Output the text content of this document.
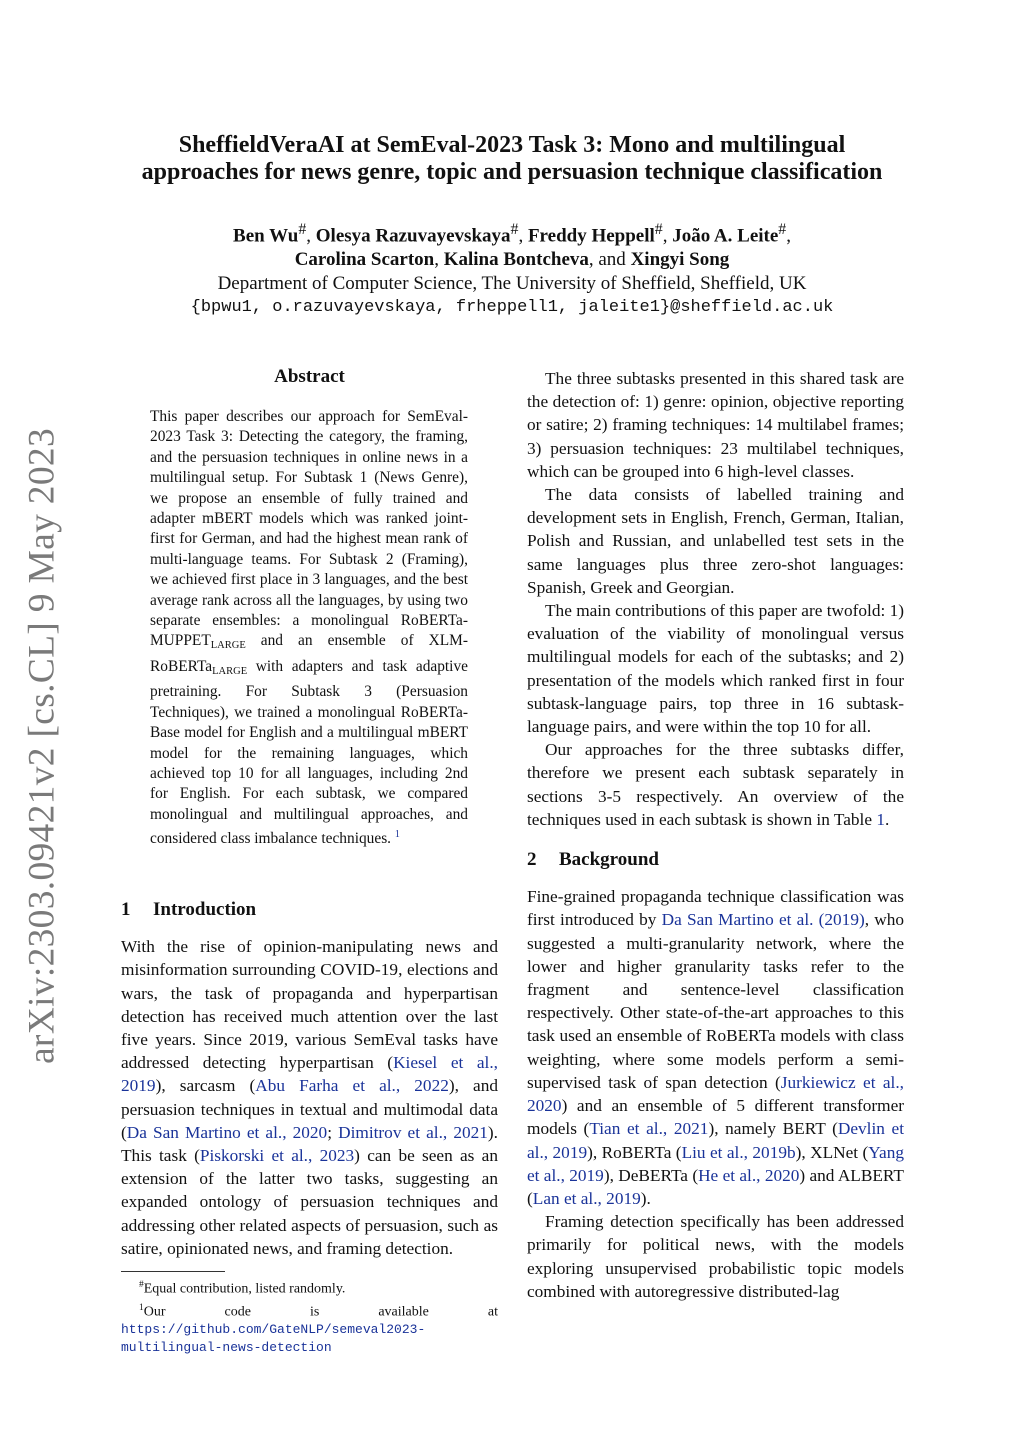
arXiv:2303.09421v2 [cs.CL] 9 May 2023
SheffieldVeraAI at SemEval-2023 Task 3: Mono and multilingual
approaches for news genre, topic and persuasion technique classification
Ben Wu#, Olesya Razuvayevskaya#, Freddy Heppell#, João A. Leite#,
Carolina Scarton, Kalina Bontcheva, and Xingyi Song
Department of Computer Science, The University of Sheffield, Sheffield, UK
{bpwu1, o.razuvayevskaya, frheppell1, jaleite1}@sheffield.ac.uk
Abstract
This paper describes our approach for SemEval-2023 Task 3: Detecting the category, the framing, and the persuasion techniques in online news in a multilingual setup. For Subtask 1 (News Genre), we propose an ensemble of fully trained and adapter mBERT models which was ranked joint-first for German, and had the highest mean rank of multi-language teams. For Subtask 2 (Framing), we achieved first place in 3 languages, and the best average rank across all the languages, by using two separate ensembles: a monolingual RoBERTa-$MUPPET_{LARGE}$ and an ensemble of XLM-RoBERTa$_{LARGE}$ with adapters and task adaptive pretraining. For Subtask 3 (Persuasion Techniques), we trained a monolingual RoBERTa-Base model for English and a multilingual mBERT model for the remaining languages, which achieved top 10 for all languages, including 2nd for English. For each subtask, we compared monolingual and multilingual approaches, and considered class imbalance techniques. $^1$
1 Introduction

With the rise of opinion-manipulating news and misinformation surrounding COVID-19, elections and wars, the task of propaganda and hyperpartisan detection has received much attention over the last five years. Since 2019, various SemEval tasks have addressed detecting hyperpartisan (Kiesel et al., 2019), sarcasm (Abu Farha et al., 2022), and persuasion techniques in textual and multimodal data (Da San Martino et al., 2020; Dimitrov et al., 2021). This task (Piskorski et al., 2023) can be seen as an extension of the latter two tasks, suggesting an expanded ontology of persuasion techniques and addressing other related aspects of persuasion, such as satire, opinionated news, and framing detection.

#Equal contribution, listed randomly.
$^1$Our code is available at https://github.com/GateNLP/semeval2023-multilingual-news-detection

The three subtasks presented in this shared task are the detection of: 1) genre: opinion, objective reporting or satire; 2) framing techniques: 14 multilabel frames; 3) persuasion techniques: 23 multilabel techniques, which can be grouped into 6 high-level classes.

The data consists of labelled training and development sets in English, French, German, Italian, Polish and Russian, and unlabelled test sets in the same languages plus three zero-shot languages: Spanish, Greek and Georgian.

The main contributions of this paper are twofold: 1) evaluation of the viability of monolingual versus multilingual models for each of the subtasks; and 2) presentation of the models which ranked first in four subtask-language pairs, top three in 16 subtask-language pairs, and were within the top 10 for all.

Our approaches for the three subtasks differ, therefore we present each subtask separately in sections 3-5 respectively. An overview of the techniques used in each subtask is shown in Table 1.

2 Background

Fine-grained propaganda technique classification was first introduced by Da San Martino et al. (2019), who suggested a multi-granularity network, where the lower and higher granularity tasks refer to the fragment and sentence-level classification respectively. Other state-of-the-art approaches to this task used an ensemble of RoBERTa models with class weighting, where some models perform a semi-supervised task of span detection (Jurkiewicz et al., 2020) and an ensemble of 5 different transformer models (Tian et al., 2021), namely BERT (Devlin et al., 2019), RoBERTa (Liu et al., 2019b), XLNet (Yang et al., 2019), DeBERTa (He et al., 2020) and ALBERT (Lan et al., 2019).

Framing detection specifically has been addressed primarily for political news, with the models exploring unsupervised probabilistic topic models combined with autoregressive distributed-lag
